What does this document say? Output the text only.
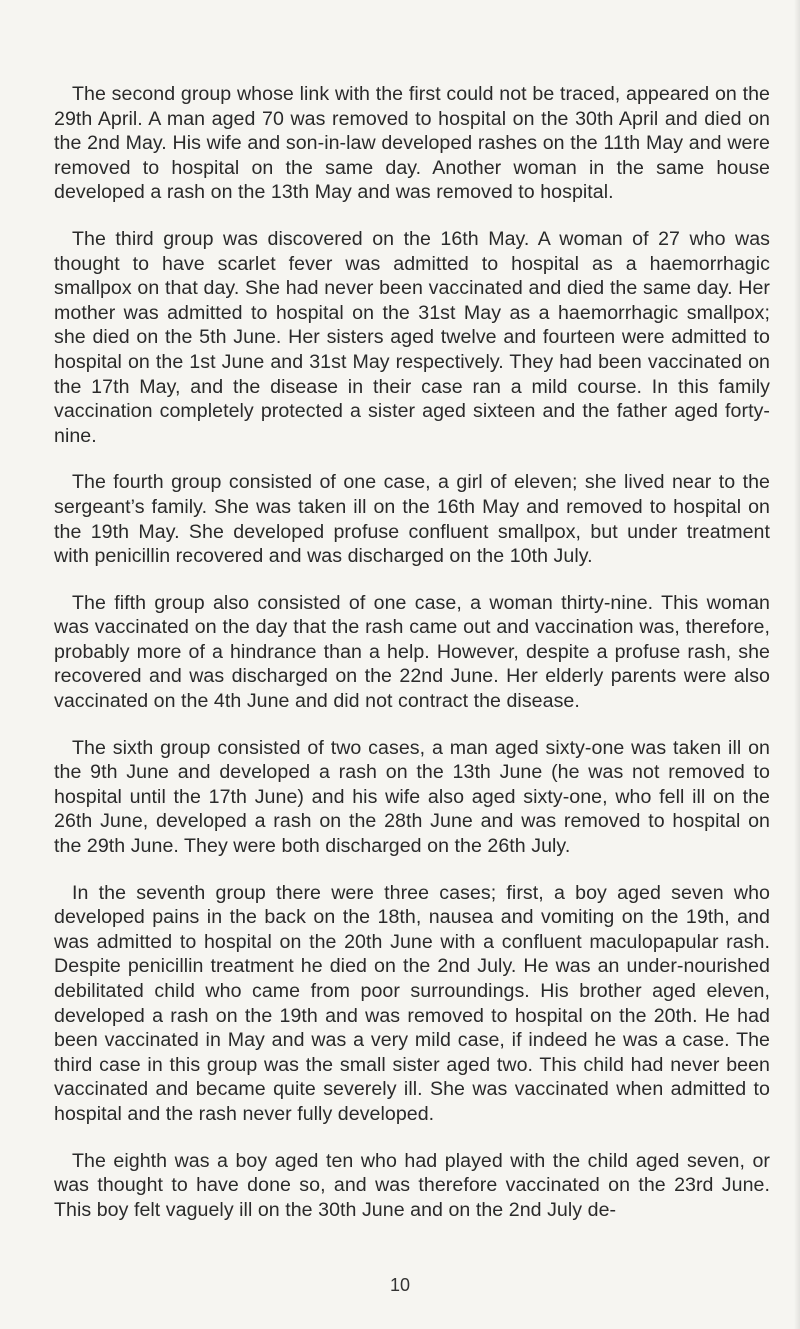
The second group whose link with the first could not be traced, appeared on the 29th April. A man aged 70 was removed to hospital on the 30th April and died on the 2nd May. His wife and son-in-law developed rashes on the 11th May and were removed to hospital on the same day. Another woman in the same house developed a rash on the 13th May and was removed to hospital.

The third group was discovered on the 16th May. A woman of 27 who was thought to have scarlet fever was admitted to hospital as a haemorrhagic smallpox on that day. She had never been vaccinated and died the same day. Her mother was admitted to hospital on the 31st May as a haemorrhagic smallpox; she died on the 5th June. Her sisters aged twelve and fourteen were admitted to hospital on the 1st June and 31st May respectively. They had been vaccinated on the 17th May, and the disease in their case ran a mild course. In this family vaccination completely protected a sister aged sixteen and the father aged forty-nine.

The fourth group consisted of one case, a girl of eleven; she lived near to the sergeant’s family. She was taken ill on the 16th May and removed to hospital on the 19th May. She developed profuse confluent smallpox, but under treatment with penicillin recovered and was discharged on the 10th July.

The fifth group also consisted of one case, a woman thirty-nine. This woman was vaccinated on the day that the rash came out and vaccination was, therefore, probably more of a hindrance than a help. However, despite a profuse rash, she recovered and was discharged on the 22nd June. Her elderly parents were also vaccinated on the 4th June and did not contract the disease.

The sixth group consisted of two cases, a man aged sixty-one was taken ill on the 9th June and developed a rash on the 13th June (he was not removed to hospital until the 17th June) and his wife also aged sixty-one, who fell ill on the 26th June, developed a rash on the 28th June and was removed to hospital on the 29th June. They were both discharged on the 26th July.

In the seventh group there were three cases; first, a boy aged seven who developed pains in the back on the 18th, nausea and vomiting on the 19th, and was admitted to hospital on the 20th June with a confluent maculopapular rash. Despite penicillin treatment he died on the 2nd July. He was an under-nourished debilitated child who came from poor surroundings. His brother aged eleven, developed a rash on the 19th and was removed to hospital on the 20th. He had been vaccinated in May and was a very mild case, if indeed he was a case. The third case in this group was the small sister aged two. This child had never been vaccinated and became quite severely ill. She was vaccinated when admitted to hospital and the rash never fully developed.

The eighth was a boy aged ten who had played with the child aged seven, or was thought to have done so, and was therefore vaccinated on the 23rd June. This boy felt vaguely ill on the 30th June and on the 2nd July de-

10
